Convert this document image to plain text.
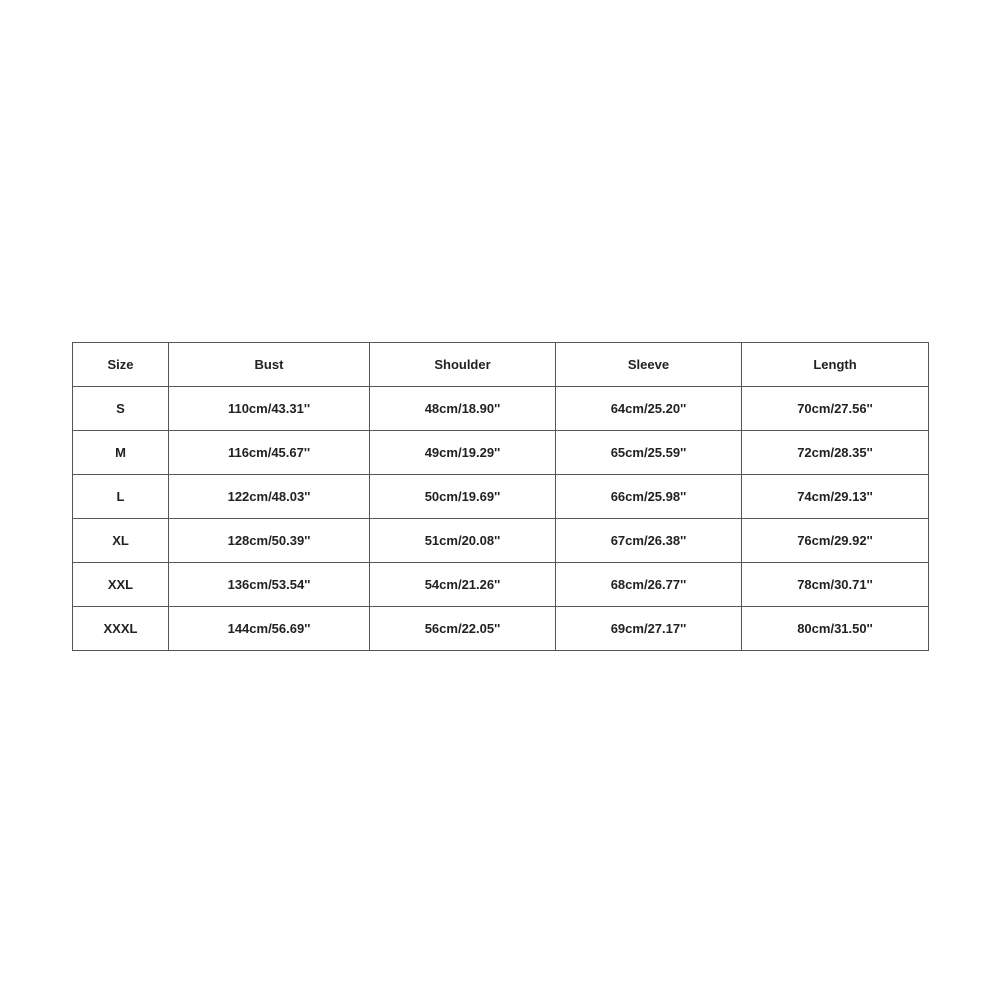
Size	Bust	Shoulder	Sleeve	Length
S	110cm/43.31''	48cm/18.90''	64cm/25.20''	70cm/27.56''
M	116cm/45.67''	49cm/19.29''	65cm/25.59''	72cm/28.35''
L	122cm/48.03''	50cm/19.69''	66cm/25.98''	74cm/29.13''
XL	128cm/50.39''	51cm/20.08''	67cm/26.38''	76cm/29.92''
XXL	136cm/53.54''	54cm/21.26''	68cm/26.77''	78cm/30.71''
XXXL	144cm/56.69''	56cm/22.05''	69cm/27.17''	80cm/31.50''
